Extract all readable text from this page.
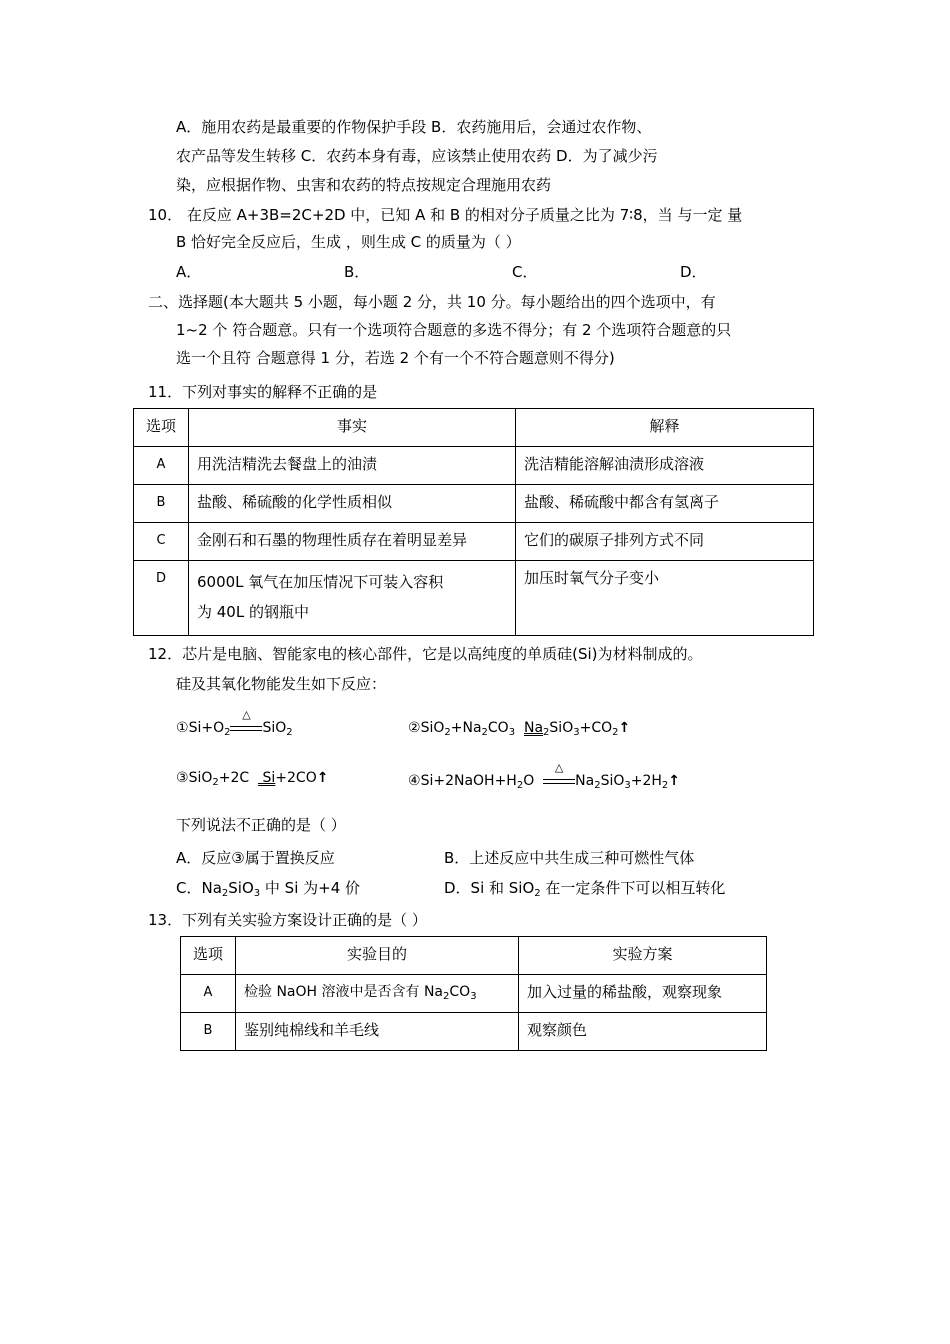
A．施用农药是最重要的作物保护手段 B．农药施用后，会通过农作物、
农产品等发生转移 C．农药本身有毒，应该禁止使用农药 D．为了减少污
染，应根据作物、虫害和农药的特点按规定合理施用农药
10． 在反应 A+3B=2C+2D 中，已知 A 和 B 的相对分子质量之比为 7∶8，当 与一定 量
B 恰好完全反应后，生成 ，则生成 C 的质量为（ ）
A．	B．	C．	D．
二、选择题(本大题共 5 小题，每小题 2 分，共 10 分。每小题给出的四个选项中，有
1~2 个 符合题意。只有一个选项符合题意的多选不得分；有 2 个选项符合题意的只
选一个且符 合题意得 1 分，若选 2 个有一个不符合题意则不得分)
11．下列对事实的解释不正确的是
选项	事实	解释
A	用洗洁精洗去餐盘上的油渍	洗洁精能溶解油渍形成溶液
B	盐酸、稀硫酸的化学性质相似	盐酸、稀硫酸中都含有氢离子
C	金刚石和石墨的物理性质存在着明显差异	它们的碳原子排列方式不同
D	6000L 氧气在加压情况下可装入容积
为 40L 的钢瓶中	加压时氧气分子变小
12．芯片是电脑、智能家电的核心部件，它是以高纯度的单质硅(Si)为材料制成的。
硅及其氧化物能发生如下反应：
$①Si+O_2$
△
SiO$_2$	$②SiO_2+Na_2CO_3$ $Na_2SiO_3+CO_2↑$
③SiO$_2$+2C   Si+2CO↑	$④Si+2NaOH+H_2O$
△
$Na_2SiO_3+2H_2↑$
下列说法不正确的是（ ）
A．反应③属于置换反应	B．上述反应中共生成三种可燃性气体
C．$Na_2SiO_3$ 中 Si 为+4 价	D．Si 和 SiO$_2$ 在一定条件下可以相互转化
13．下列有关实验方案设计正确的是（ ）
选项	实验目的	实验方案
A	检验 NaOH 溶液中是否含有 $Na_2CO_3$	加入过量的稀盐酸，观察现象
B	鉴别纯棉线和羊毛线	观察颜色
